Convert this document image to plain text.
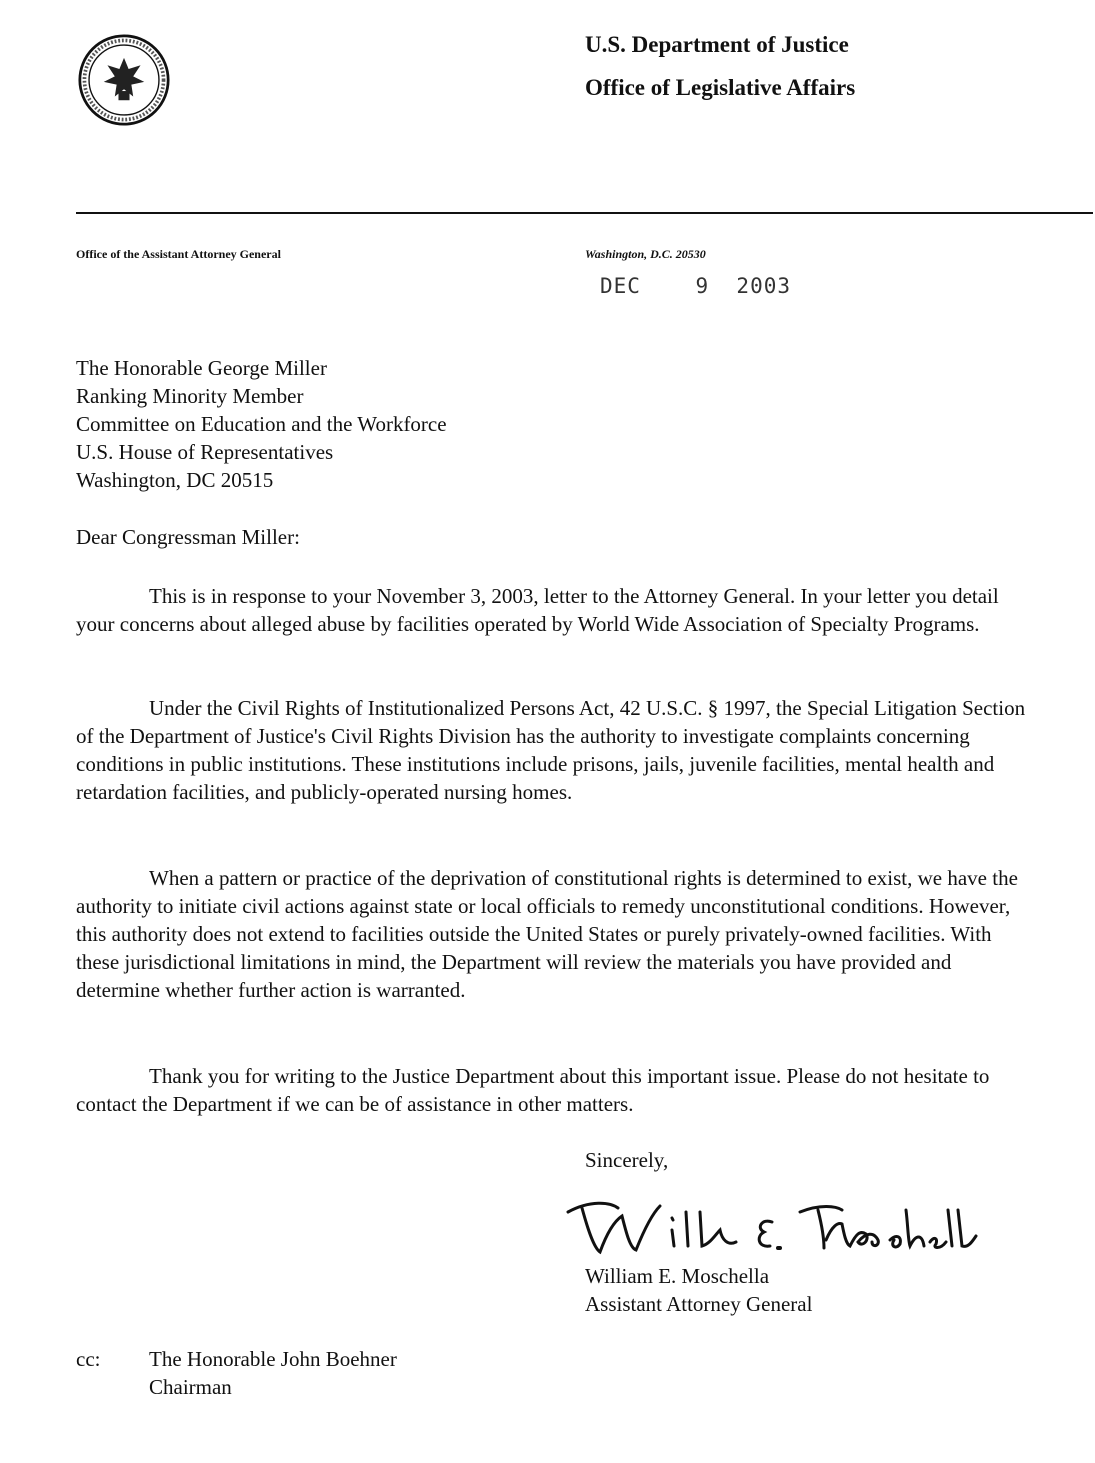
U.S. Department of Justice
Office of Legislative Affairs
Office of the Assistant Attorney General	Washington, D.C. 20530
DEC    9  2003
The Honorable George Miller
Ranking Minority Member
Committee on Education and the Workforce
U.S. House of Representatives
Washington, DC 20515
Dear Congressman Miller:

This is in response to your November 3, 2003, letter to the Attorney General. In your letter you detail your concerns about alleged abuse by facilities operated by World Wide Association of Specialty Programs.

Under the Civil Rights of Institutionalized Persons Act, 42 U.S.C. § 1997, the Special Litigation Section of the Department of Justice's Civil Rights Division has the authority to investigate complaints concerning conditions in public institutions. These institutions include prisons, jails, juvenile facilities, mental health and retardation facilities, and publicly-operated nursing homes.

When a pattern or practice of the deprivation of constitutional rights is determined to exist, we have the authority to initiate civil actions against state or local officials to remedy unconstitutional conditions. However, this authority does not extend to facilities outside the United States or purely privately-owned facilities. With these jurisdictional limitations in mind, the Department will review the materials you have provided and determine whether further action is warranted.

Thank you for writing to the Justice Department about this important issue. Please do not hesitate to contact the Department if we can be of assistance in other matters.

Sincerely,
William E. Moschella
Assistant Attorney General
cc: The Honorable John Boehner
Chairman
